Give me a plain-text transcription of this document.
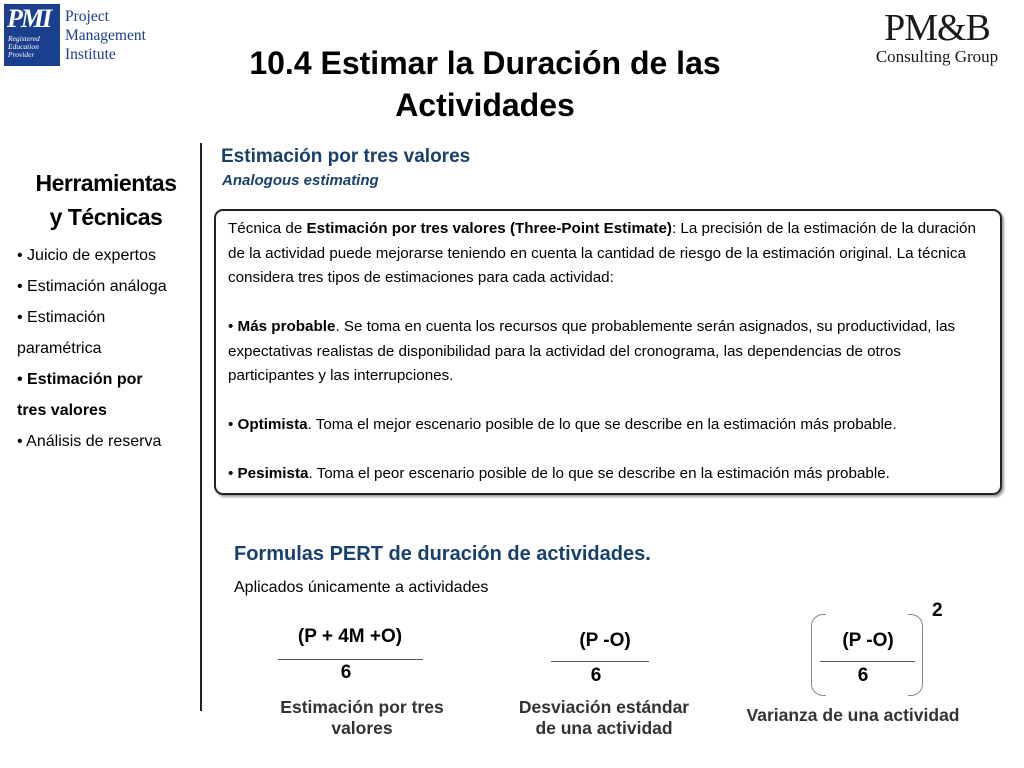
PMI
Registered
Education
Provider
Project
Management
Institute
PM&B
Consulting Group
10.4 Estimar la Duración de las
Actividades
Herramientas
y Técnicas
• Juicio de expertos
• Estimación análoga
• Estimación
paramétrica
• Estimación por
tres valores
• Análisis de reserva
Estimación por tres valores
Analogous estimating

Técnica de Estimación por tres valores (Three-Point Estimate): La precisión de la estimación de la duración de la actividad puede mejorarse teniendo en cuenta la cantidad de riesgo de la estimación original. La técnica considera tres tipos de estimaciones para cada actividad:

• Más probable. Se toma en cuenta los recursos que probablemente serán asignados, su productividad, las expectativas realistas de disponibilidad para la actividad del cronograma, las dependencias de otros participantes y las interrupciones.

• Optimista. Toma el mejor escenario posible de lo que se describe en la estimación más probable.

• Pesimista. Toma el peor escenario posible de lo que se describe en la estimación más probable.

Formulas PERT de duración de actividades.
Aplicados únicamente a actividades
(P + 4M +O)
6
Estimación por tres
valores
(P -O)
6
Desviación estándar
de una actividad
2
(P -O)
6
Varianza de una actividad
